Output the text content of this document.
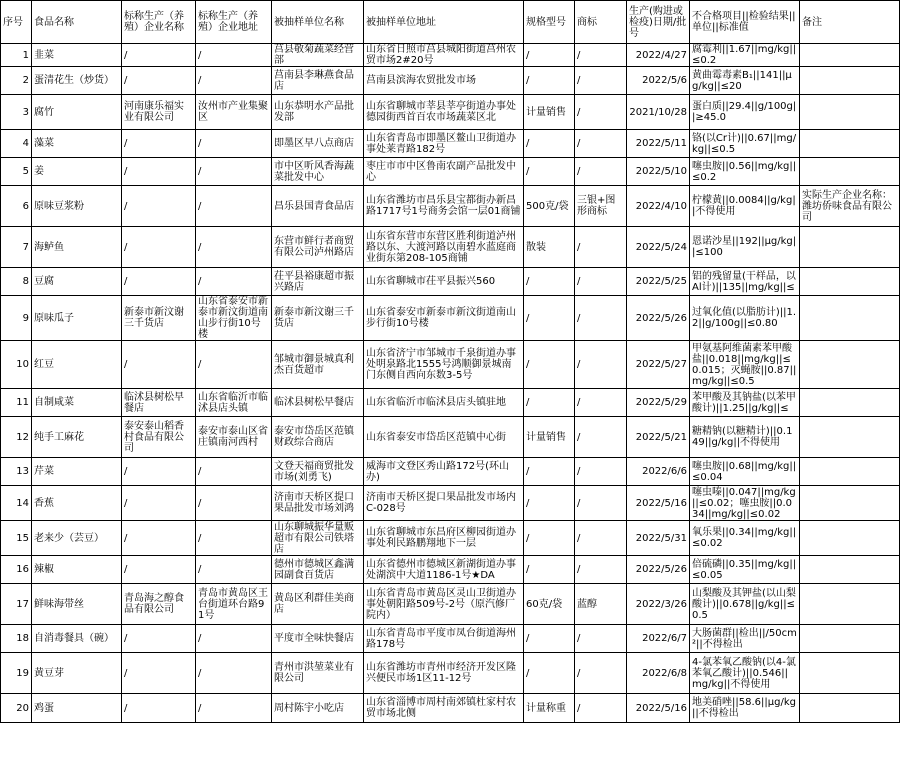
序号	食品名称	标称生产（养殖）企业名称	标称生产（养殖）企业地址	被抽样单位名称	被抽样单位地址	规格型号	商标	生产(购进或检疫)日期/批号	不合格项目||检验结果||单位||标准值	备注
1	韭菜	/	/	莒县敬菊蔬菜经营部	山东省日照市莒县城阳街道莒州农贸市场2#20号	/	/	2022/4/27	腐霉利||1.67||mg/kg||≤0.2	
2	蛋清花生（炒货）	/	/	莒南县李琳燕食品店	莒南县滨海农贸批发市场	/	/	2022/5/6	黄曲霉毒素B₁||141||μg/kg||≤20	
3	腐竹	河南康乐福实业有限公司	汝州市产业集聚区	山东恭明水产品批发部	山东省聊城市莘县莘亭街道办事处德园街西首百农市场蔬菜区北	计量销售	/	2021/10/28	蛋白质||29.4||g/100g||≥45.0	
4	藻菜	/	/	即墨区早八点商店	山东省青岛市即墨区鳌山卫街道办事处莱青路182号	/	/	2022/5/11	铬(以Cr计)||0.67||mg/kg||≤0.5	
5	姜	/	/	市中区听风香海蔬菜批发中心	枣庄市市中区鲁南农副产品批发中心	/	/	2022/5/10	噻虫胺||0.56||mg/kg||≤0.2	
6	原味豆浆粉	/	/	昌乐县国青食品店	山东省潍坊市昌乐县宝都街办新昌路1717号1号商务会馆一层01商铺	500克/袋	三银+图形商标	2022/4/10	柠檬黄||0.0084||g/kg||不得使用	实际生产企业名称：潍坊侨味食品有限公司
7	海鲈鱼	/	/	东营市鲜行者商贸有限公司泸州路店	山东省东营市东营区胜利街道泸州路以东、大渡河路以南碧水蓝庭商业街东第208-105商铺	散装	/	2022/5/24	恩诺沙星||192||μg/kg||≤100	
8	豆腐	/	/	茌平县裕康超市振兴路店	山东省聊城市茌平县振兴560	/	/	2022/5/25	铝的残留量(干样品，以Al计)||135||mg/kg||≤	
9	原味瓜子	新泰市新汶谢三千货店	山东省泰安市新泰市新汶街道南山步行街10号楼	新泰市新汶谢三千货店	山东省泰安市新泰市新汶街道南山步行街10号楼	/	/	2022/5/26	过氧化值(以脂肪计)||1.2||g/100g||≤0.80	
10	红豆	/	/	邹城市御景城真利杰百货超市	山东省济宁市邹城市千泉街道办事处明泉路北1555号鸿顺御景城南门东侧自西向东数3-5号	/	/	2022/5/27	甲氨基阿维菌素苯甲酸盐||0.018||mg/kg||≤0.015；灭蝇胺||0.87||mg/kg||≤0.5	
11	自制咸菜	临沭县树松早餐店	山东省临沂市临沭县店头镇	临沭县树松早餐店	山东省临沂市临沭县店头镇驻地	/	/	2022/5/29	苯甲酸及其钠盐(以苯甲酸计)||1.25||g/kg||≤	
12	纯手工麻花	泰安泰山稻香村食品有限公司	泰安市泰山区省庄镇南河西村	泰安市岱岳区范镇财政综合商店	山东省泰安市岱岳区范镇中心街	计量销售	/	2022/5/21	糖精钠(以糖精计)||0.149||g/kg||不得使用	
13	芹菜	/	/	文登天福商贸批发市场(刘勇飞)	威海市文登区秀山路172号(环山办)	/	/	2022/6/6	噻虫胺||0.68||mg/kg||≤0.04	
14	香蕉	/	/	济南市天桥区提口果品批发市场刘鸿	济南市天桥区提口果品批发市场内C-028号	/	/	2022/5/16	噻虫嗪||0.047||mg/kg||≤0.02；噻虫胺||0.034||mg/kg||≤0.02	
15	老来少（芸豆）	/	/	山东聊城振华量贩超市有限公司铁塔店	山东省聊城市东昌府区柳园街道办事处利民路鹏翔地下一层	/	/	2022/5/31	氧乐果||0.34||mg/kg||≤0.02	
16	辣椒	/	/	德州市德城区鑫满园副食百货店	山东省德州市德城区新湖街道办事处湖滨中大道1186-1号★DA	/	/	2022/5/26	倍硫磷||0.35||mg/kg||≤0.05	
17	鲜味海带丝	青岛海之醇食品有限公司	青岛市黄岛区王台街道环台路91号	黄岛区利群佳美商店	山东省青岛市黄岛区灵山卫街道办事处朝阳路509号-2号（原汽修厂院内）	60克/袋	蓝醇	2022/3/26	山梨酸及其钾盐(以山梨酸计)||0.678||g/kg||≤0.5	
18	自消毒餐具（碗）	/	/	平度市全味快餐店	山东省青岛市平度市凤台街道海州路178号	/	/	2022/6/7	大肠菌群||检出||/50cm²||不得检出	
19	黄豆芽	/	/	青州市洪堃菜业有限公司	山东省潍坊市青州市经济开发区隆兴便民市场1区11-12号	/	/	2022/6/8	4-氯苯氧乙酸钠(以4-氯苯氧乙酸计)||0.546||mg/kg||不得使用	
20	鸡蛋	/	/	周村陈宇小吃店	山东省淄博市周村南郊镇杜家村农贸市场北侧	计量称重	/	2022/5/16	地美硝唑||58.6||μg/kg||不得检出	
